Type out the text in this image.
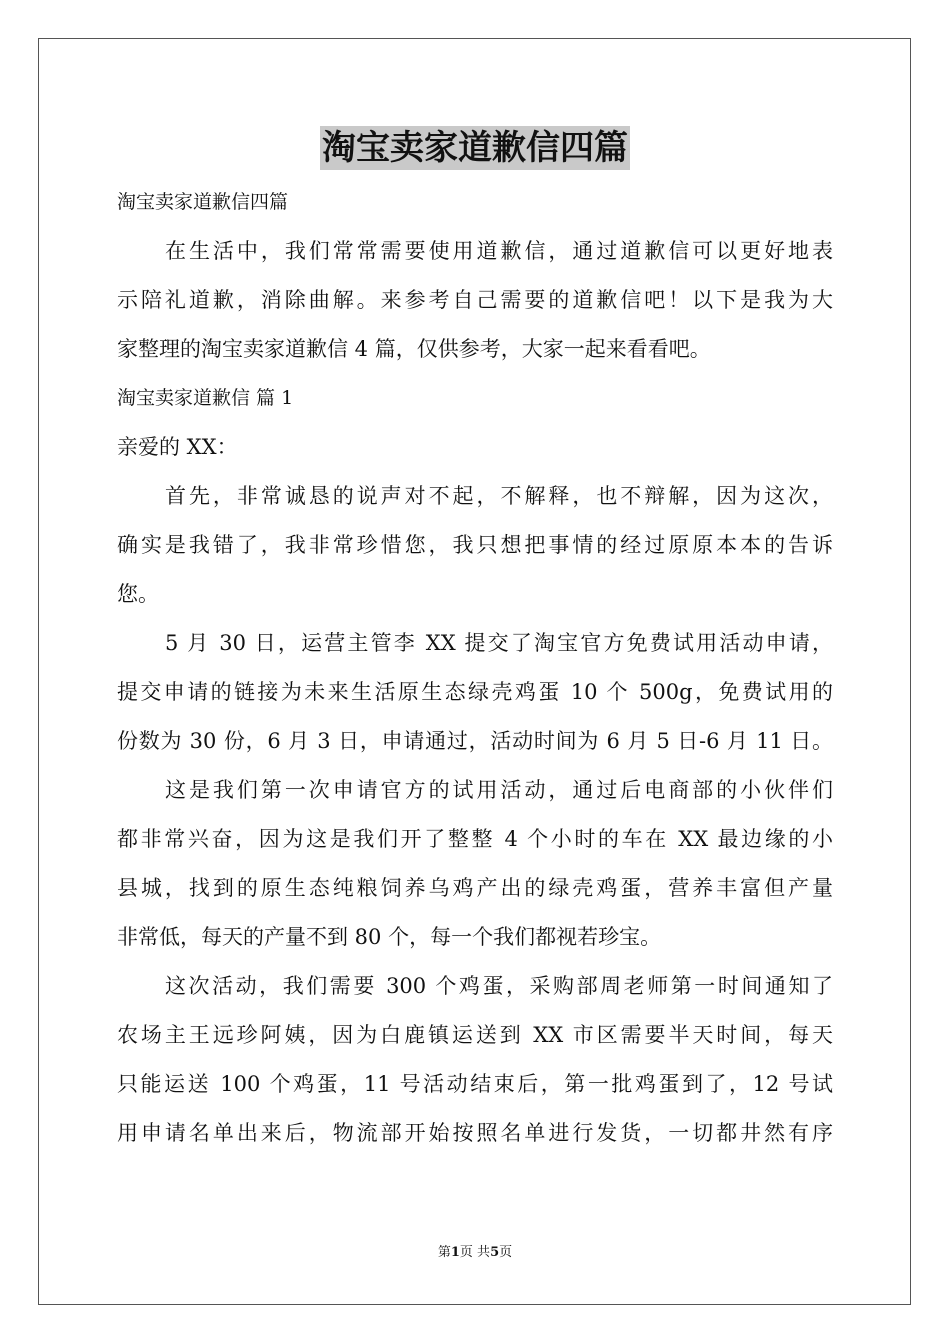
淘宝卖家道歉信四篇

淘宝卖家道歉信四篇

在生活中，我们常常需要使用道歉信，通过道歉信可以更好地表

示陪礼道歉，消除曲解。来参考自己需要的道歉信吧！以下是我为大

家整理的淘宝卖家道歉信 4 篇，仅供参考，大家一起来看看吧。

淘宝卖家道歉信 篇 1

亲爱的 XX：

首先，非常诚恳的说声对不起，不解释，也不辩解，因为这次，

确实是我错了，我非常珍惜您，我只想把事情的经过原原本本的告诉

您。

5 月 30 日，运营主管李 XX 提交了淘宝官方免费试用活动申请，

提交申请的链接为未来生活原生态绿壳鸡蛋 10 个 500g，免费试用的

份数为 30 份，6 月 3 日，申请通过，活动时间为 6 月 5 日-6 月 11 日。

这是我们第一次申请官方的试用活动，通过后电商部的小伙伴们

都非常兴奋，因为这是我们开了整整 4 个小时的车在 XX 最边缘的小

县城，找到的原生态纯粮饲养乌鸡产出的绿壳鸡蛋，营养丰富但产量

非常低，每天的产量不到 80 个，每一个我们都视若珍宝。

这次活动，我们需要 300 个鸡蛋，采购部周老师第一时间通知了

农场主王远珍阿姨，因为白鹿镇运送到 XX 市区需要半天时间，每天

只能运送 100 个鸡蛋，11 号活动结束后，第一批鸡蛋到了，12 号试

用申请名单出来后，物流部开始按照名单进行发货，一切都井然有序

第1页 共5页
